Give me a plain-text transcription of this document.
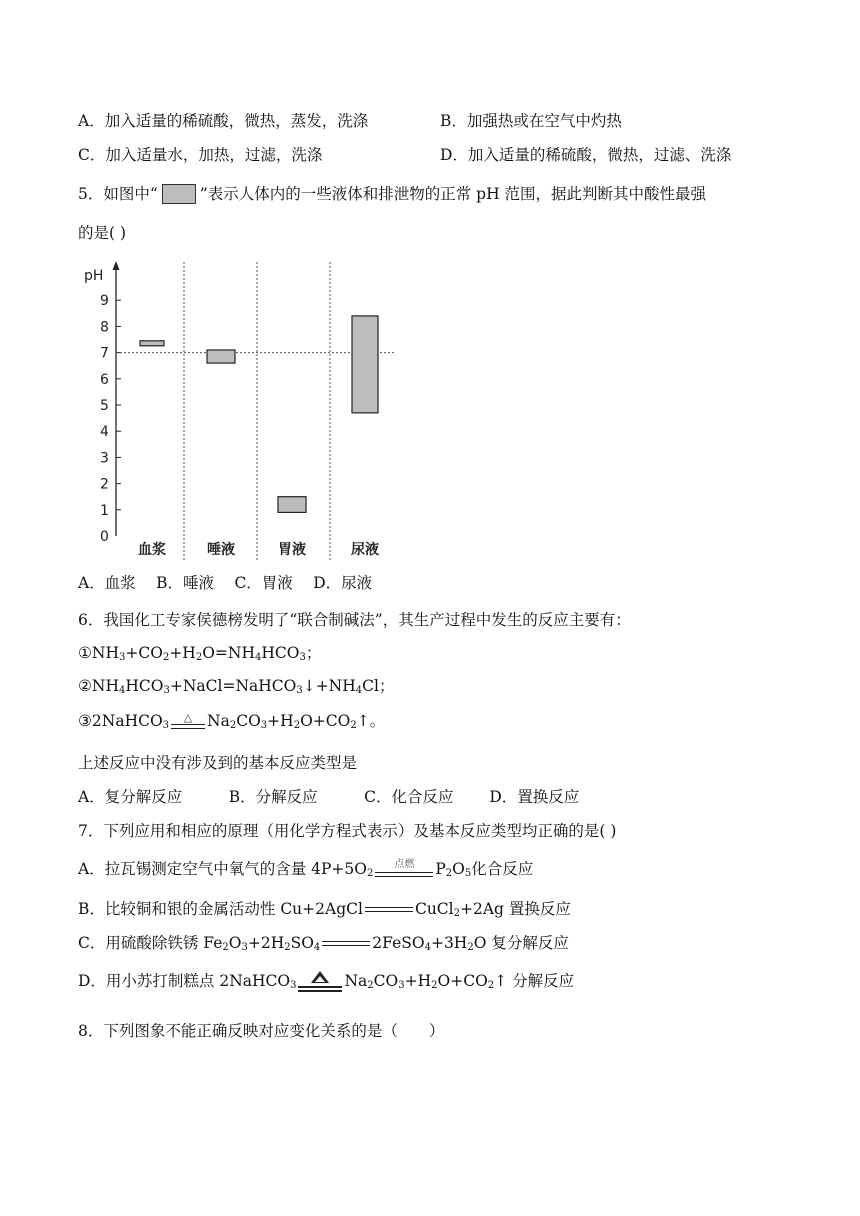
A．加入适量的稀硫酸，微热，蒸发，洗涤	B．加强热或在空气中灼热
C．加入适量水，加热，过滤，洗涤	D．加入适量的稀硫酸，微热，过滤、洗涤
5．如图中“	”表示人体内的一些液体和排泄物的正常 pH 范围，据此判断其中酸性最强
的是( )
pH
0
1
2
3
4
5
6
7
8
9
血浆	唾液	胃液	尿液
A．血浆　 B．唾液　 C．胃液　 D．尿液
6．我国化工专家侯德榜发明了“联合制碱法”，其生产过程中发生的反应主要有：
$①NH_3+CO_2+H_2O=NH_4HCO_3$；
$②NH_4HCO_3+NaCl=NaHCO_3↓+NH_4Cl$；
③2NaHCO$_3$
△ $Na_2CO_3+H_2O+CO_2↑$。
上述反应中没有涉及到的基本反应类型是
A．复分解反应　　　B．分解反应　　　C．化合反应　　 D．置换反应
7．下列应用和相应的原理（用化学方程式表示）及基本反应类型均正确的是( )
A．拉瓦锡测定空气中氧气的含量 $4P+5O_2$
点燃	$P_2O_5$化合反应
B．比较铜和银的金属活动性 Cu+2AgCl	CuCl$_2$+2Ag 置换反应
C．用硫酸除铁锈 $Fe_2O_3+2H_2SO_4$	$2FeSO_4+3H_2O$ 复分解反应
D．用小苏打制糕点 2NaHCO$_3$	$Na_2CO_3+H_2O+CO_2↑$ 分解反应
8．下列图象不能正确反映对应变化关系的是（　　）
